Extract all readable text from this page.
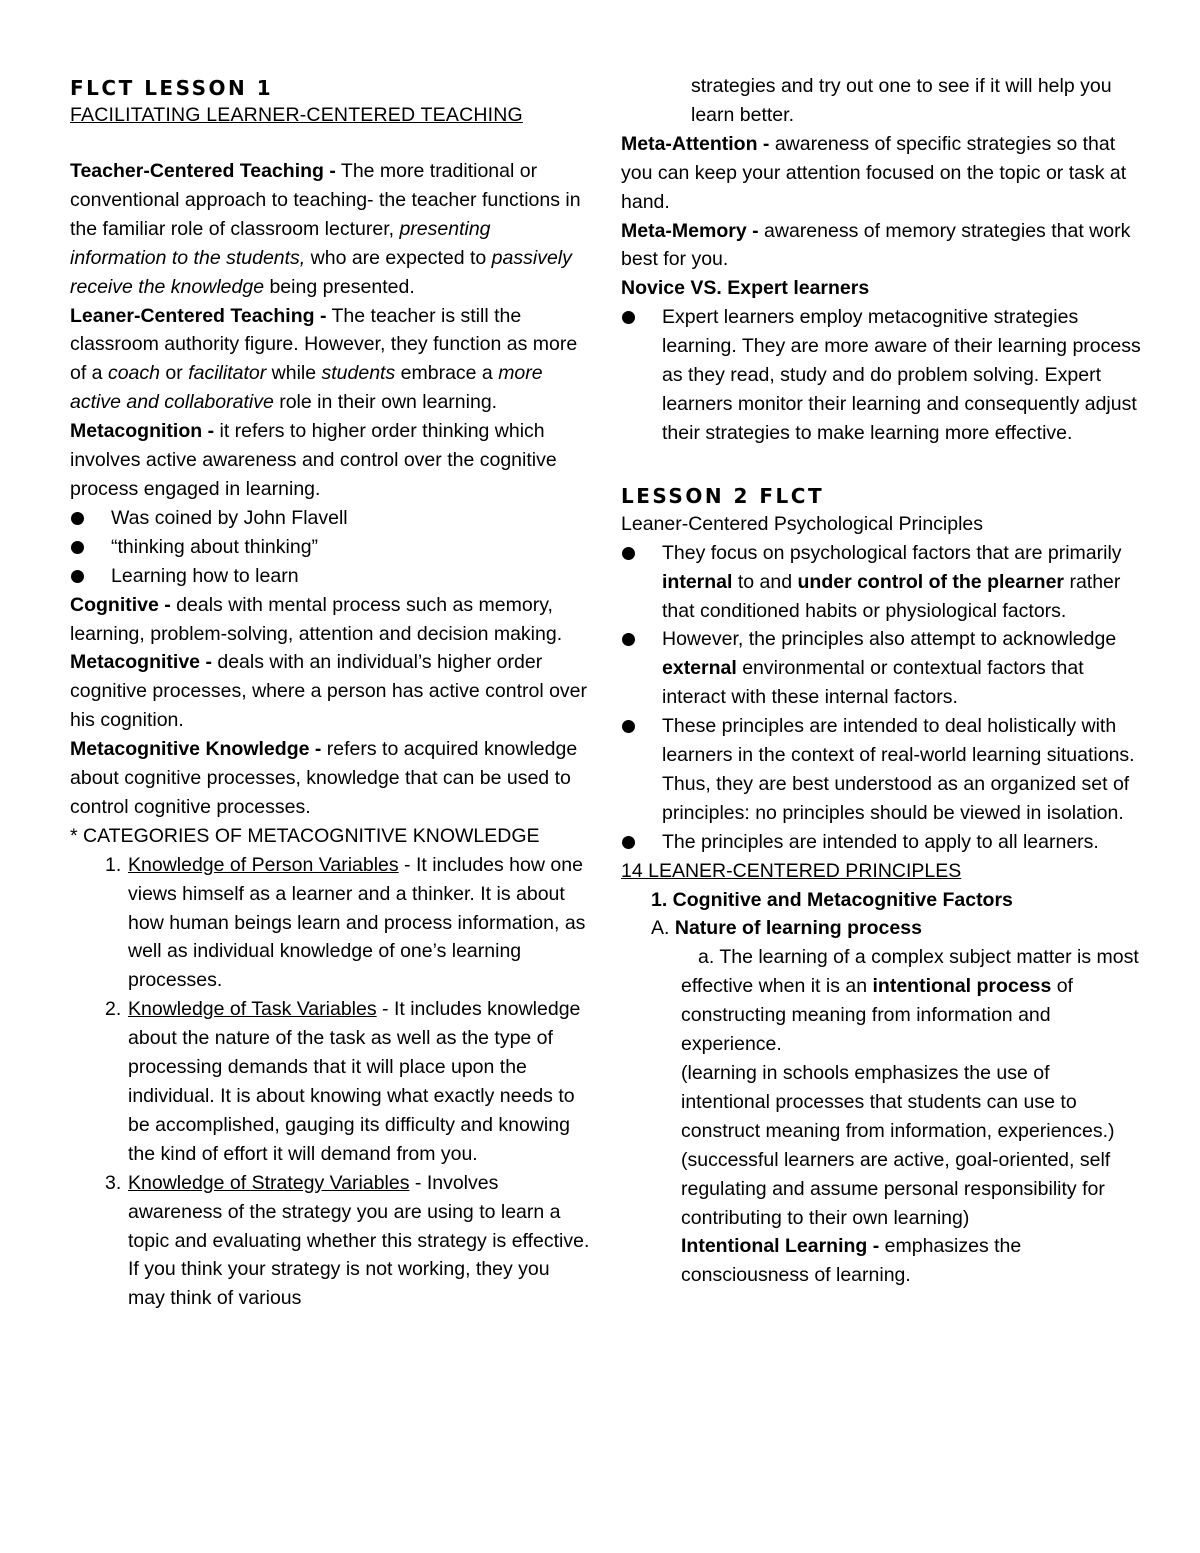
FLCT LESSON 1

FACILITATING LEARNER-CENTERED TEACHING

Teacher-Centered Teaching - The more traditional or conventional approach to teaching- the teacher functions in the familiar role of classroom lecturer, presenting information to the students, who are expected to passively receive the knowledge being presented.

Leaner-Centered Teaching - The teacher is still the classroom authority figure. However, they function as more of a coach or facilitator while students embrace a more active and collaborative role in their own learning.

Metacognition - it refers to higher order thinking which involves active awareness and control over the cognitive process engaged in learning.

Was coined by John Flavell

“thinking about thinking”

Learning how to learn

Cognitive - deals with mental process such as memory, learning, problem-solving, attention and decision making.

Metacognitive - deals with an individual’s higher order cognitive processes, where a person has active control over his cognition.

Metacognitive Knowledge - refers to acquired knowledge about cognitive processes, knowledge that can be used to control cognitive processes.

* CATEGORIES OF METACOGNITIVE KNOWLEDGE

1. Knowledge of Person Variables - It includes how one views himself as a learner and a thinker. It is about how human beings learn and process information, as well as individual knowledge of one’s learning processes.

2. Knowledge of Task Variables - It includes knowledge about the nature of the task as well as the type of processing demands that it will place upon the individual. It is about knowing what exactly needs to be accomplished, gauging its difficulty and knowing the kind of effort it will demand from you.

3. Knowledge of Strategy Variables - Involves awareness of the strategy you are using to learn a topic and evaluating whether this strategy is effective. If you think your strategy is not working, they you may think of various

strategies and try out one to see if it will help you learn better.

Meta-Attention - awareness of specific strategies so that you can keep your attention focused on the topic or task at hand.

Meta-Memory - awareness of memory strategies that work best for you.

Novice VS. Expert learners

Expert learners employ metacognitive strategies learning. They are more aware of their learning process as they read, study and do problem solving. Expert learners monitor their learning and consequently adjust their strategies to make learning more effective.

LESSON 2 FLCT

Leaner-Centered Psychological Principles

They focus on psychological factors that are primarily internal to and under control of the plearner rather that conditioned habits or physiological factors.

However, the principles also attempt to acknowledge external environmental or contextual factors that interact with these internal factors.

These principles are intended to deal holistically with learners in the context of real-world learning situations. Thus, they are best understood as an organized set of principles: no principles should be viewed in isolation.

The principles are intended to apply to all learners.

14 LEANER-CENTERED PRINCIPLES

1. Cognitive and Metacognitive Factors

A. Nature of learning process

a. The learning of a complex subject matter is most effective when it is an intentional process of constructing meaning from information and experience.

(learning in schools emphasizes the use of intentional processes that students can use to construct meaning from information, experiences.) (successful learners are active, goal-oriented, self regulating and assume personal responsibility for contributing to their own learning)

Intentional Learning - emphasizes the consciousness of learning.
